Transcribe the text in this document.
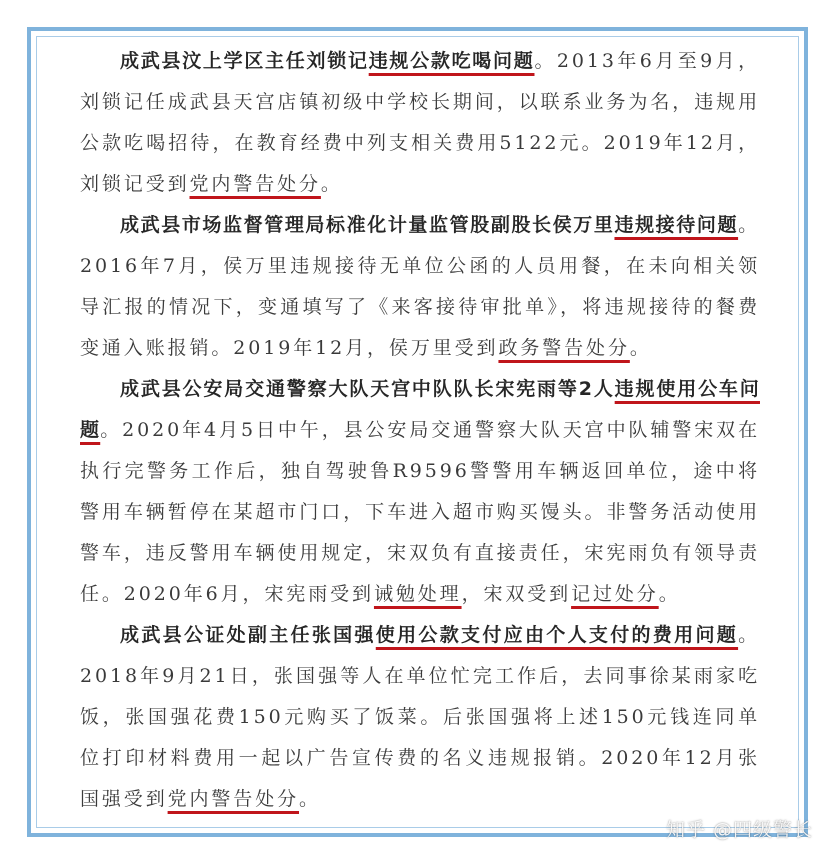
成武县汶上学区主任刘锁记违规公款吃喝问题。2013年6月至9月，刘锁记任成武县天宫店镇初级中学校长期间，以联系业务为名，违规用公款吃喝招待，在教育经费中列支相关费用5122元。2019年12月，刘锁记受到党内警告处分。

成武县市场监督管理局标准化计量监管股副股长侯万里违规接待问题。2016年7月，侯万里违规接待无单位公函的人员用餐，在未向相关领导汇报的情况下，变通填写了《来客接待审批单》，将违规接待的餐费变通入账报销。2019年12月，侯万里受到政务警告处分。

成武县公安局交通警察大队天宫中队队长宋宪雨等2人违规使用公车问题。2020年4月5日中午，县公安局交通警察大队天宫中队辅警宋双在执行完警务工作后，独自驾驶鲁R9596警警用车辆返回单位，途中将警用车辆暂停在某超市门口，下车进入超市购买馒头。非警务活动使用警车，违反警用车辆使用规定，宋双负有直接责任，宋宪雨负有领导责任。2020年6月，宋宪雨受到诫勉处理，宋双受到记过处分。

成武县公证处副主任张国强使用公款支付应由个人支付的费用问题。2018年9月21日，张国强等人在单位忙完工作后，去同事徐某雨家吃饭，张国强花费150元购买了饭菜。后张国强将上述150元钱连同单位打印材料费用一起以广告宣传费的名义违规报销。2020年12月张国强受到党内警告处分。

知乎 @四级警长
